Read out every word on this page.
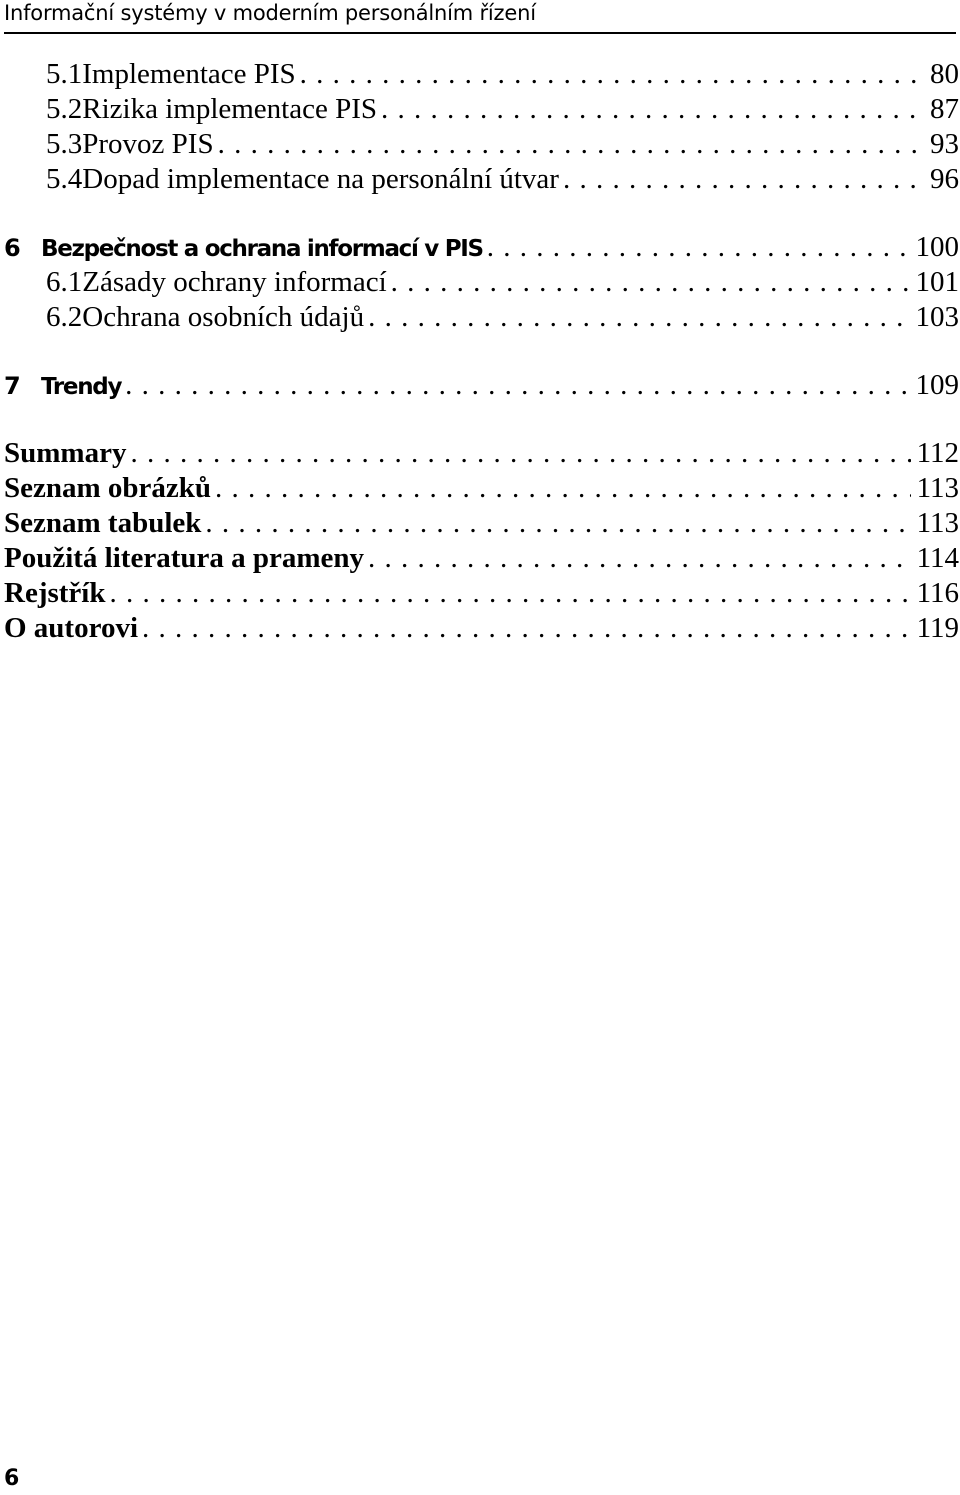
Informační systémy v moderním personálním řízení
5.1 Implementace PIS . . .	80
5.2 Rizika implementace PIS . . .	87
5.3 Provoz PIS . . .	93
5.4 Dopad implementace na personální útvar . . .	96
6 Bezpečnost a ochrana informací v PIS . . .	100
6.1 Zásady ochrany informací . . .	101
6.2 Ochrana osobních údajů . . .	103
7 Trendy . . .	109
Summary . . .	112
Seznam obrázků . . .	113
Seznam tabulek . . .	113
Použitá literatura a prameny . . .	114
Rejstřík . . .	116
O autorovi . . .	119
6
